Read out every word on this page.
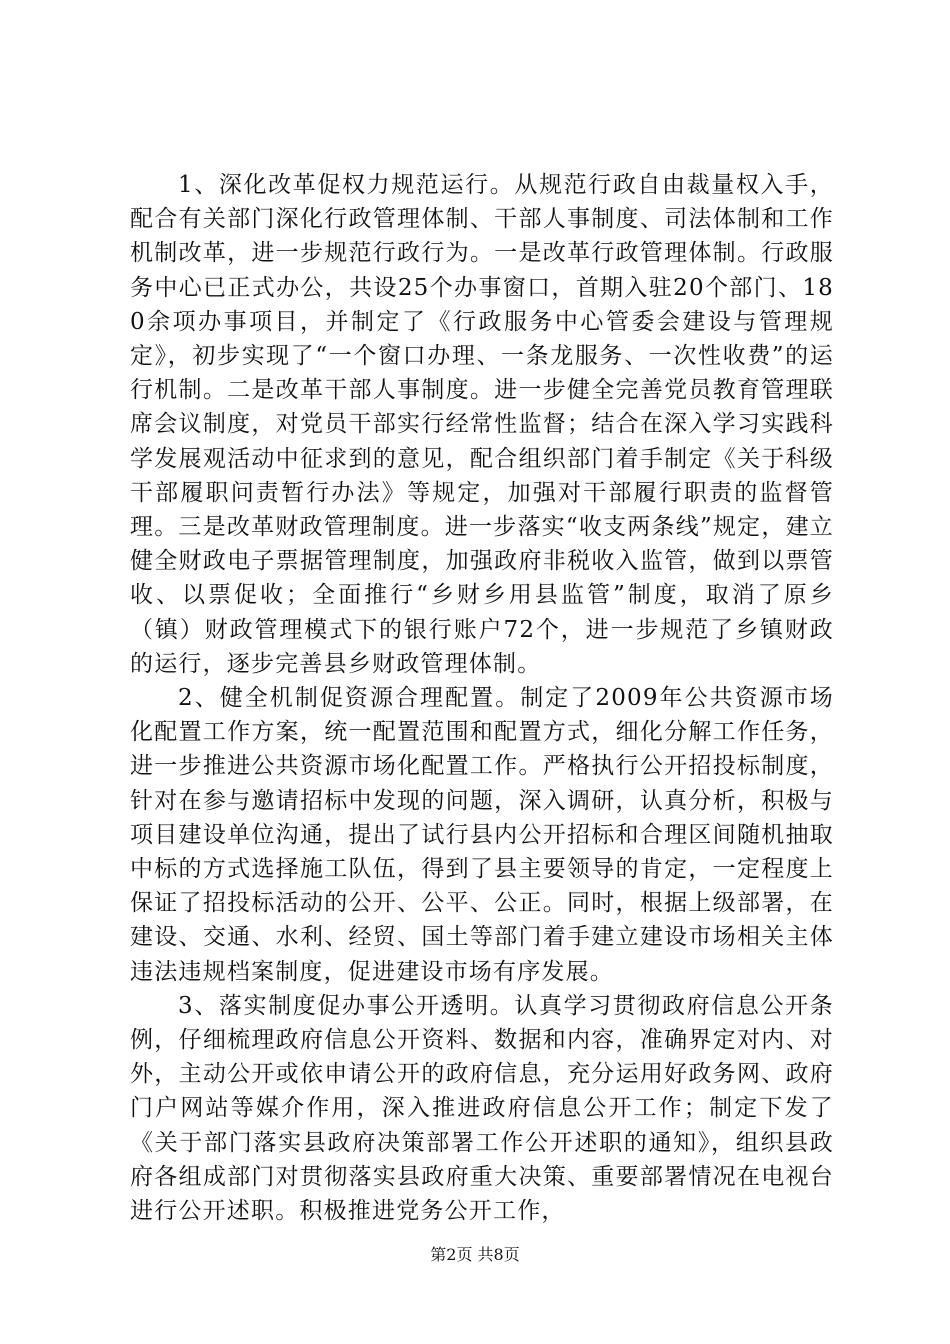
1、深化改革促权力规范运行。从规范行政自由裁量权入手，配合有关部门深化行政管理体制、干部人事制度、司法体制和工作机制改革，进一步规范行政行为。一是改革行政管理体制。行政服务中心已正式办公，共设25个办事窗口，首期入驻20个部门、180余项办事项目，并制定了《行政服务中心管委会建设与管理规定》，初步实现了“一个窗口办理、一条龙服务、一次性收费”的运行机制。二是改革干部人事制度。进一步健全完善党员教育管理联席会议制度，对党员干部实行经常性监督；结合在深入学习实践科学发展观活动中征求到的意见，配合组织部门着手制定《关于科级干部履职问责暂行办法》等规定，加强对干部履行职责的监督管理。三是改革财政管理制度。进一步落实“收支两条线”规定，建立健全财政电子票据管理制度，加强政府非税收入监管，做到以票管收、以票促收；全面推行“乡财乡用县监管”制度，取消了原乡（镇）财政管理模式下的银行账户72个，进一步规范了乡镇财政的运行，逐步完善县乡财政管理体制。

2、健全机制促资源合理配置。制定了2009年公共资源市场化配置工作方案，统一配置范围和配置方式，细化分解工作任务，进一步推进公共资源市场化配置工作。严格执行公开招投标制度，针对在参与邀请招标中发现的问题，深入调研，认真分析，积极与项目建设单位沟通，提出了试行县内公开招标和合理区间随机抽取中标的方式选择施工队伍，得到了县主要领导的肯定，一定程度上保证了招投标活动的公开、公平、公正。同时，根据上级部署，在建设、交通、水利、经贸、国土等部门着手建立建设市场相关主体违法违规档案制度，促进建设市场有序发展。

3、落实制度促办事公开透明。认真学习贯彻政府信息公开条例，仔细梳理政府信息公开资料、数据和内容，准确界定对内、对外，主动公开或依申请公开的政府信息，充分运用好政务网、政府门户网站等媒介作用，深入推进政府信息公开工作；制定下发了《关于部门落实县政府决策部署工作公开述职的通知》，组织县政府各组成部门对贯彻落实县政府重大决策、重要部署情况在电视台进行公开述职。积极推进党务公开工作，

第2页 共8页
